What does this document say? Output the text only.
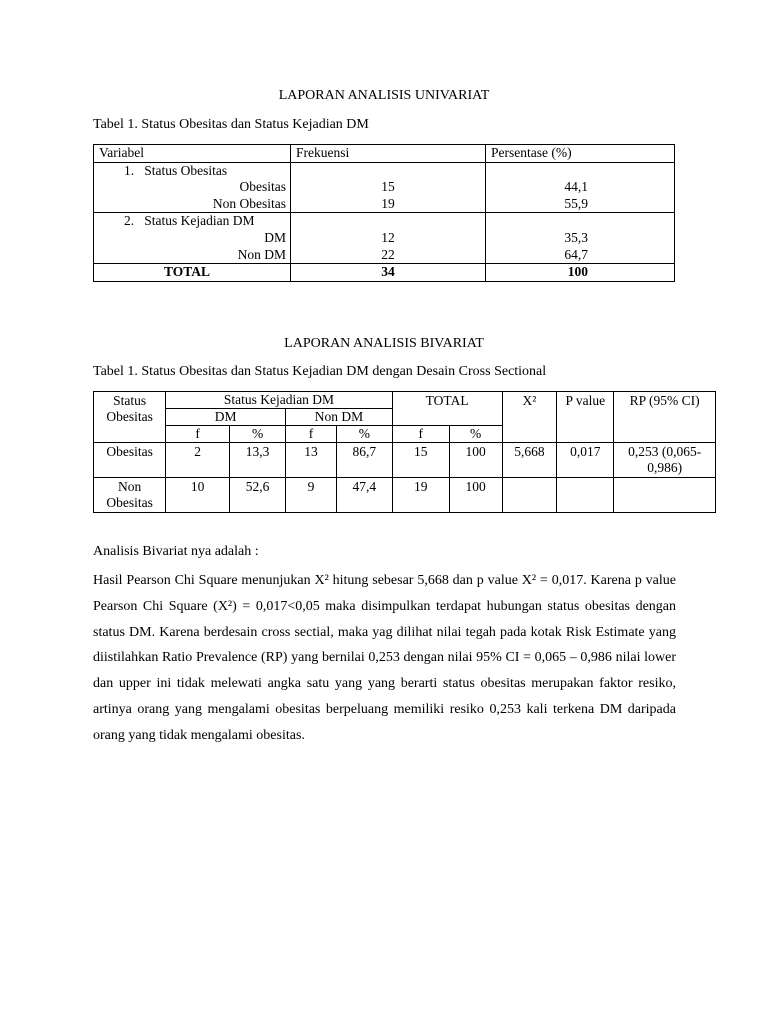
LAPORAN ANALISIS UNIVARIAT
Tabel 1. Status Obesitas dan Status Kejadian DM
Variabel	Frekuensi	Persentase (%)
1.   Status Obesitas		
Obesitas	15	44,1
Non Obesitas	19	55,9
2.   Status Kejadian DM		
DM	12	35,3
Non DM	22	64,7
TOTAL	34	100
LAPORAN ANALISIS BIVARIAT
Tabel 1. Status Obesitas dan Status Kejadian DM dengan Desain Cross Sectional
Status Obesitas	Status Kejadian DM				TOTAL		X²	P value	RP (95% CI)
	DM		Non DM						
	f	%	f	%	f	%			
Obesitas	2	13,3	13	86,7	15	100	5,668	0,017	0,253 (0,065-0,986)
Non Obesitas	10	52,6	9	47,4	19	100			
Analisis Bivariat nya adalah :

Hasil Pearson Chi Square menunjukan X² hitung sebesar 5,668 dan p value X² = 0,017. Karena p value Pearson Chi Square (X²) = 0,017<0,05 maka disimpulkan terdapat hubungan status obesitas dengan status DM. Karena berdesain cross sectial, maka yag dilihat nilai tegah pada kotak Risk Estimate yang diistilahkan Ratio Prevalence (RP) yang bernilai 0,253 dengan nilai 95% CI = 0,065 – 0,986 nilai lower dan upper ini tidak melewati angka satu yang yang berarti status obesitas merupakan faktor resiko, artinya orang yang mengalami obesitas berpeluang memiliki resiko 0,253 kali terkena DM daripada orang yang tidak mengalami obesitas.
